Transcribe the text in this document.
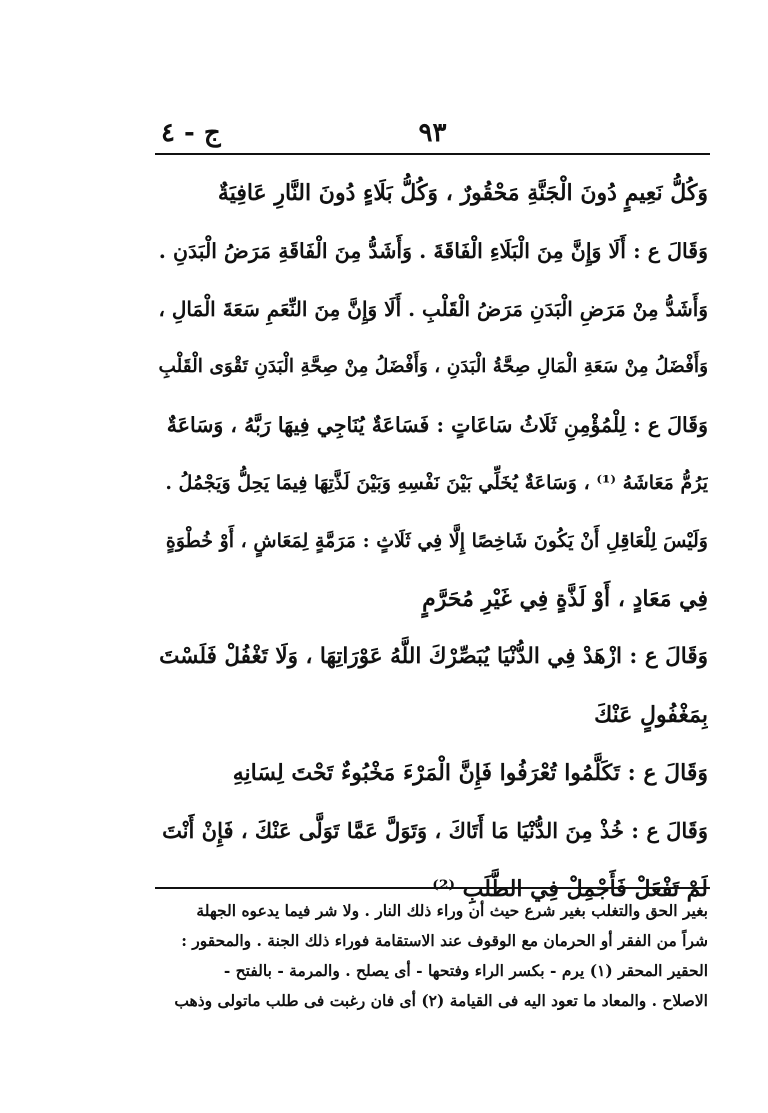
٩٣
ج - ٤
وَكُلُّ نَعِيمٍ دُونَ الْجَنَّةِ مَحْقُورٌ ، وَكُلُّ بَلَاءٍ دُونَ النَّارِ عَافِيَةٌ
وَقَالَ ع : أَلَا وَإِنَّ مِنَ الْبَلَاءِ الْفَاقَةَ . وَأَشَدُّ مِنَ الْفَاقَةِ مَرَضُ الْبَدَنِ .
وَأَشَدُّ مِنْ مَرَضِ الْبَدَنِ مَرَضُ الْقَلْبِ . أَلَا وَإِنَّ مِنَ النِّعَمِ سَعَةَ الْمَالِ ،
وَأَفْضَلُ مِنْ سَعَةِ الْمَالِ صِحَّةُ الْبَدَنِ ، وَأَفْضَلُ مِنْ صِحَّةِ الْبَدَنِ تَقْوَى الْقَلْبِ
وَقَالَ ع : لِلْمُؤْمِنِ ثَلَاثُ سَاعَاتٍ : فَسَاعَةٌ يُنَاجِي فِيهَا رَبَّهُ ، وَسَاعَةٌ
يَرُمُّ مَعَاشَهُ ⁽¹⁾ ، وَسَاعَةٌ يُخَلِّي بَيْنَ نَفْسِهِ وَبَيْنَ لَذَّتِهَا فِيمَا يَحِلُّ وَيَجْمُلُ .
وَلَيْسَ لِلْعَاقِلِ أَنْ يَكُونَ شَاخِصًا إِلَّا فِي ثَلَاثٍ : مَرَمَّةٍ لِمَعَاشٍ ، أَوْ خُطْوَةٍ
فِي مَعَادٍ ، أَوْ لَذَّةٍ فِي غَيْرِ مُحَرَّمٍ
وَقَالَ ع : ازْهَدْ فِي الدُّنْيَا يُبَصِّرْكَ اللَّهُ عَوْرَاتِهَا ، وَلَا تَغْفُلْ فَلَسْتَ
بِمَغْفُولٍ عَنْكَ
وَقَالَ ع : تَكَلَّمُوا تُعْرَفُوا فَإِنَّ الْمَرْءَ مَخْبُوءٌ تَحْتَ لِسَانِهِ
وَقَالَ ع : خُذْ مِنَ الدُّنْيَا مَا أَتَاكَ ، وَتَوَلَّ عَمَّا تَوَلَّى عَنْكَ ، فَإِنْ أَنْتَ
لَمْ تَفْعَلْ فَأَجْمِلْ فِي الطَّلَبِ ⁽²⁾
بغير الحق والتغلب بغير شرع حيث أن وراء ذلك النار . ولا شر فيما يدعوه الجهلة
شراً من الفقر أو الحرمان مع الوقوف عند الاستقامة فوراء ذلك الجنة . والمحقور :
الحقير المحقر (١) يرم - بكسر الراء وفتحها - أى يصلح . والمرمة - بالفتح -
الاصلاح . والمعاد ما تعود اليه فى القيامة (٢) أى فان رغبت فى طلب ماتولى وذهب
